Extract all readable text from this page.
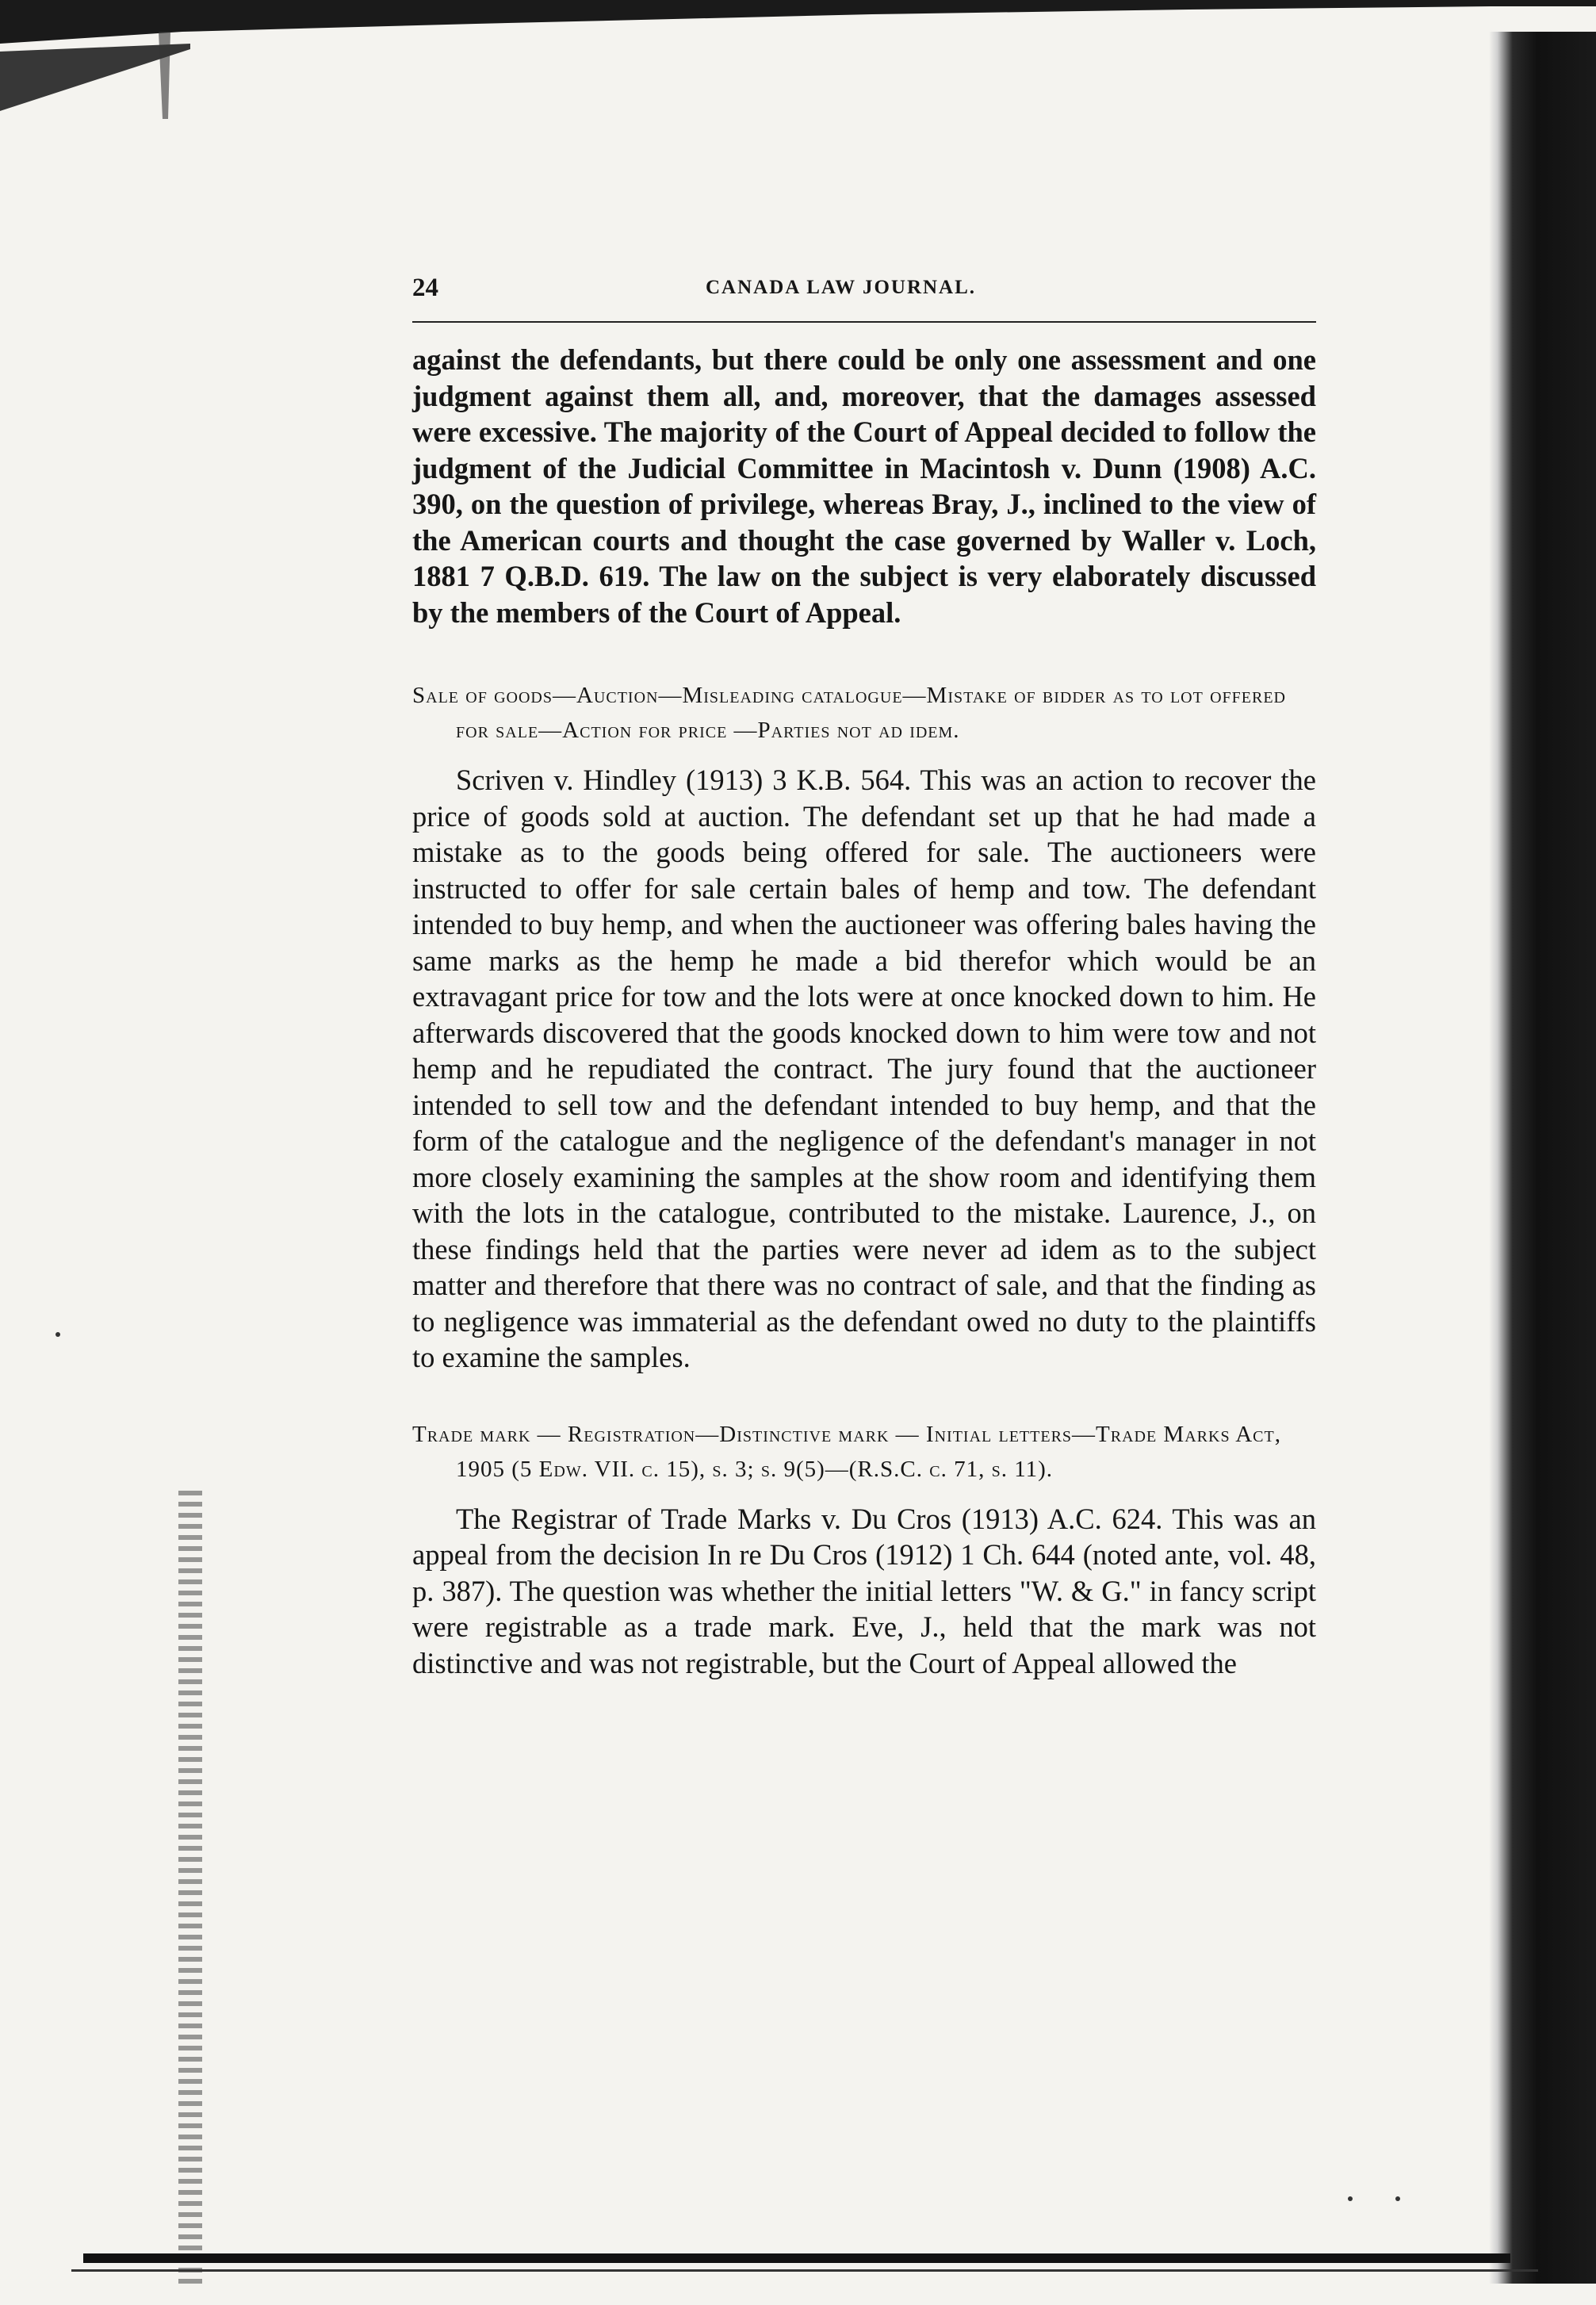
24	CANADA LAW JOURNAL.

against the defendants, but there could be only one assessment and one judgment against them all, and, moreover, that the damages assessed were excessive. The majority of the Court of Appeal decided to follow the judgment of the Judicial Committee in Macintosh v. Dunn (1908) A.C. 390, on the question of privilege, whereas Bray, J., inclined to the view of the American courts and thought the case governed by Waller v. Loch, 1881 7 Q.B.D. 619. The law on the subject is very elaborately discussed by the members of the Court of Appeal.

Sale of goods—Auction—Misleading catalogue—Mistake of bidder as to lot offered for sale—Action for price —Parties not ad idem.

Scriven v. Hindley (1913) 3 K.B. 564. This was an action to recover the price of goods sold at auction. The defendant set up that he had made a mistake as to the goods being offered for sale. The auctioneers were instructed to offer for sale certain bales of hemp and tow. The defendant intended to buy hemp, and when the auctioneer was offering bales having the same marks as the hemp he made a bid therefor which would be an extravagant price for tow and the lots were at once knocked down to him. He afterwards discovered that the goods knocked down to him were tow and not hemp and he repudiated the contract. The jury found that the auctioneer intended to sell tow and the defendant intended to buy hemp, and that the form of the catalogue and the negligence of the defendant's manager in not more closely examining the samples at the show room and identifying them with the lots in the catalogue, contributed to the mistake. Laurence, J., on these findings held that the parties were never ad idem as to the subject matter and therefore that there was no contract of sale, and that the finding as to negligence was immaterial as the defendant owed no duty to the plaintiffs to examine the samples.

Trade mark — Registration—Distinctive mark — Initial letters—Trade Marks Act, 1905 (5 Edw. VII. c. 15), s. 3; s. 9(5)—(R.S.C. c. 71, s. 11).

The Registrar of Trade Marks v. Du Cros (1913) A.C. 624. This was an appeal from the decision In re Du Cros (1912) 1 Ch. 644 (noted ante, vol. 48, p. 387). The question was whether the initial letters "W. & G." in fancy script were registrable as a trade mark. Eve, J., held that the mark was not distinctive and was not registrable, but the Court of Appeal allowed the
